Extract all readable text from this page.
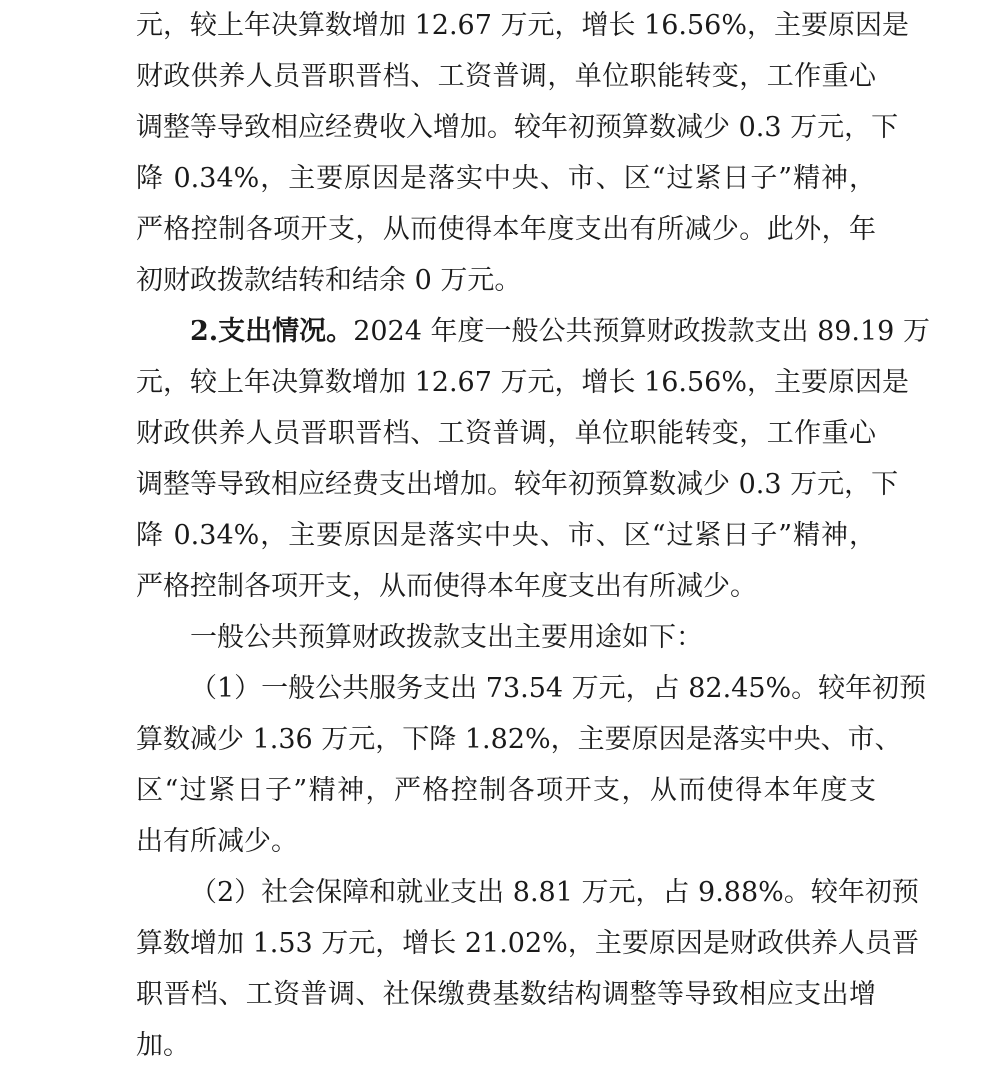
元，较上年决算数增加 12.67 万元，增长 16.56%，主要原因是
财政供养人员晋职晋档、工资普调，单位职能转变，工作重心
调整等导致相应经费收入增加。较年初预算数减少 0.3 万元，下
降 0.34%，主要原因是落实中央、市、区“过紧日子”精神，
严格控制各项开支，从而使得本年度支出有所减少。此外，年
初财政拨款结转和结余 0 万元。
2.支出情况。2024 年度一般公共预算财政拨款支出 89.19 万
元，较上年决算数增加 12.67 万元，增长 16.56%，主要原因是
财政供养人员晋职晋档、工资普调，单位职能转变，工作重心
调整等导致相应经费支出增加。较年初预算数减少 0.3 万元，下
降 0.34%，主要原因是落实中央、市、区“过紧日子”精神，
严格控制各项开支，从而使得本年度支出有所减少。
一般公共预算财政拨款支出主要用途如下：
（1）一般公共服务支出 73.54 万元，占 82.45%。较年初预
算数减少 1.36 万元，下降 1.82%，主要原因是落实中央、市、
区“过紧日子”精神，严格控制各项开支，从而使得本年度支
出有所减少。
（2）社会保障和就业支出 8.81 万元，占 9.88%。较年初预
算数增加 1.53 万元，增长 21.02%，主要原因是财政供养人员晋
职晋档、工资普调、社保缴费基数结构调整等导致相应支出增
加。
